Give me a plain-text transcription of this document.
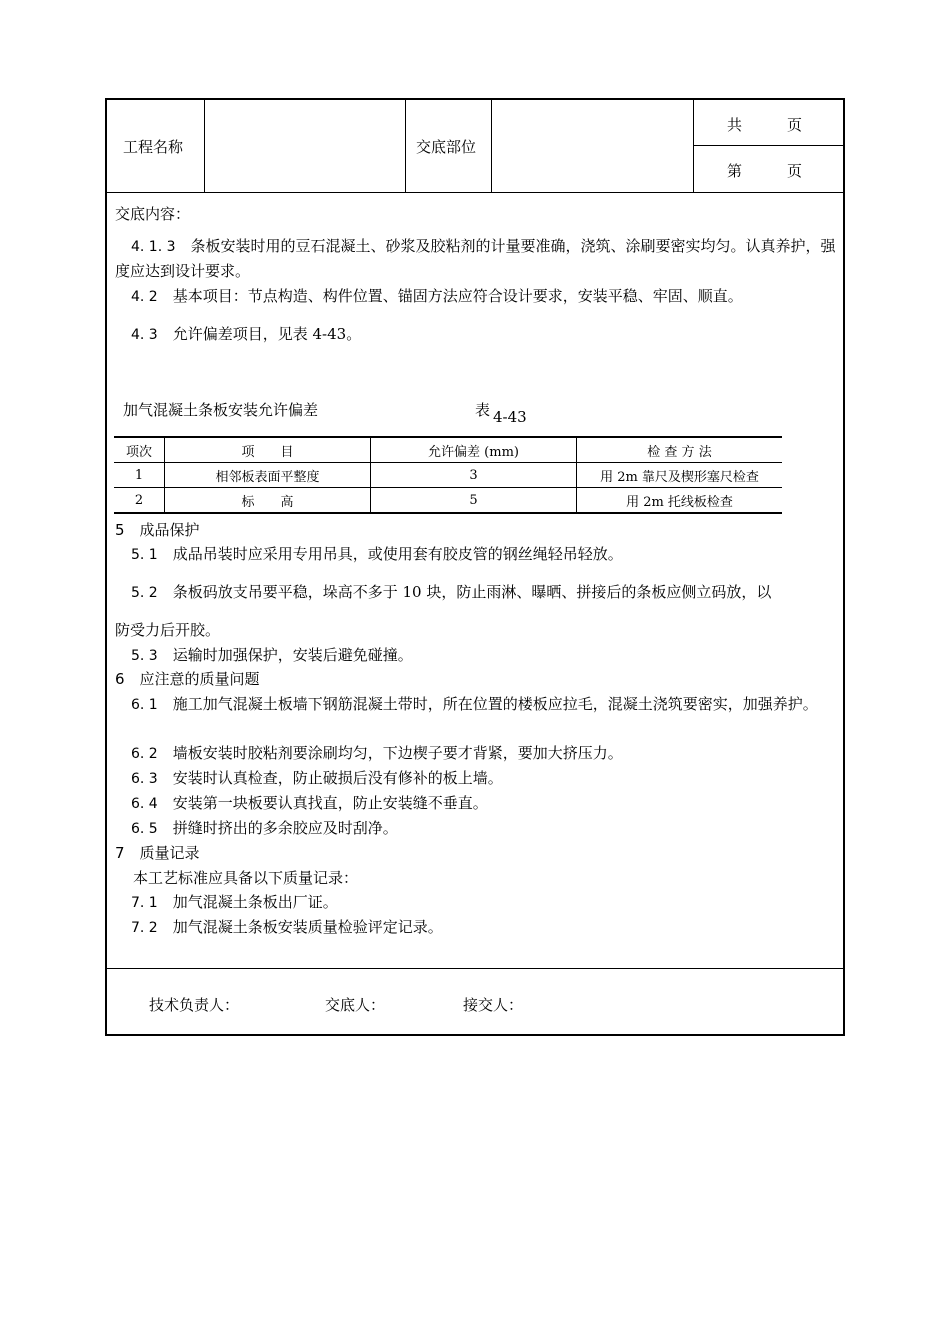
工程名称	交底部位
共　　　页
第　　　页
技术负责人：	交底人：	接交人：
交底内容：
4. 1. 3　 条板安装时用的豆石混凝土、砂浆及胶粘剂的计量要准确，浇筑、涂刷要密实均匀。认真养护，强度应达到设计要求。
4. 2　 基本项目：节点构造、构件位置、锚固方法应符合设计要求，安装平稳、牢固、顺直。
4. 3　 允许偏差项目，见表 4-43。
加气混凝土条板安装允许偏差	表 4-43
项次	项　　目	允许偏差 (mm)	检 查 方 法
1	相邻板表面平整度	3	用 2m 靠尺及楔形塞尺检查
2	标　　高	5	用 2m 托线板检查
5　成品保护
5. 1　 成品吊装时应采用专用吊具，或使用套有胶皮管的钢丝绳轻吊轻放。
5. 2　 条板码放支吊要平稳，垛高不多于 10 块，防止雨淋、曝晒、拼接后的条板应侧立码放，以
防受力后开胶。
5. 3　 运输时加强保护，安装后避免碰撞。
6　应注意的质量问题
6. 1　 施工加气混凝土板墙下钢筋混凝土带时，所在位置的楼板应拉毛，混凝土浇筑要密实，加强养护。
6. 2　 墙板安装时胶粘剂要涂刷均匀，下边楔子要才背紧，要加大挤压力。
6. 3　 安装时认真检查，防止破损后没有修补的板上墙。
6. 4　 安装第一块板要认真找直，防止安装缝不垂直。
6. 5　 拼缝时挤出的多余胶应及时刮净。
7　质量记录
本工艺标准应具备以下质量记录：
7. 1　 加气混凝土条板出厂证。
7. 2　 加气混凝土条板安装质量检验评定记录。
